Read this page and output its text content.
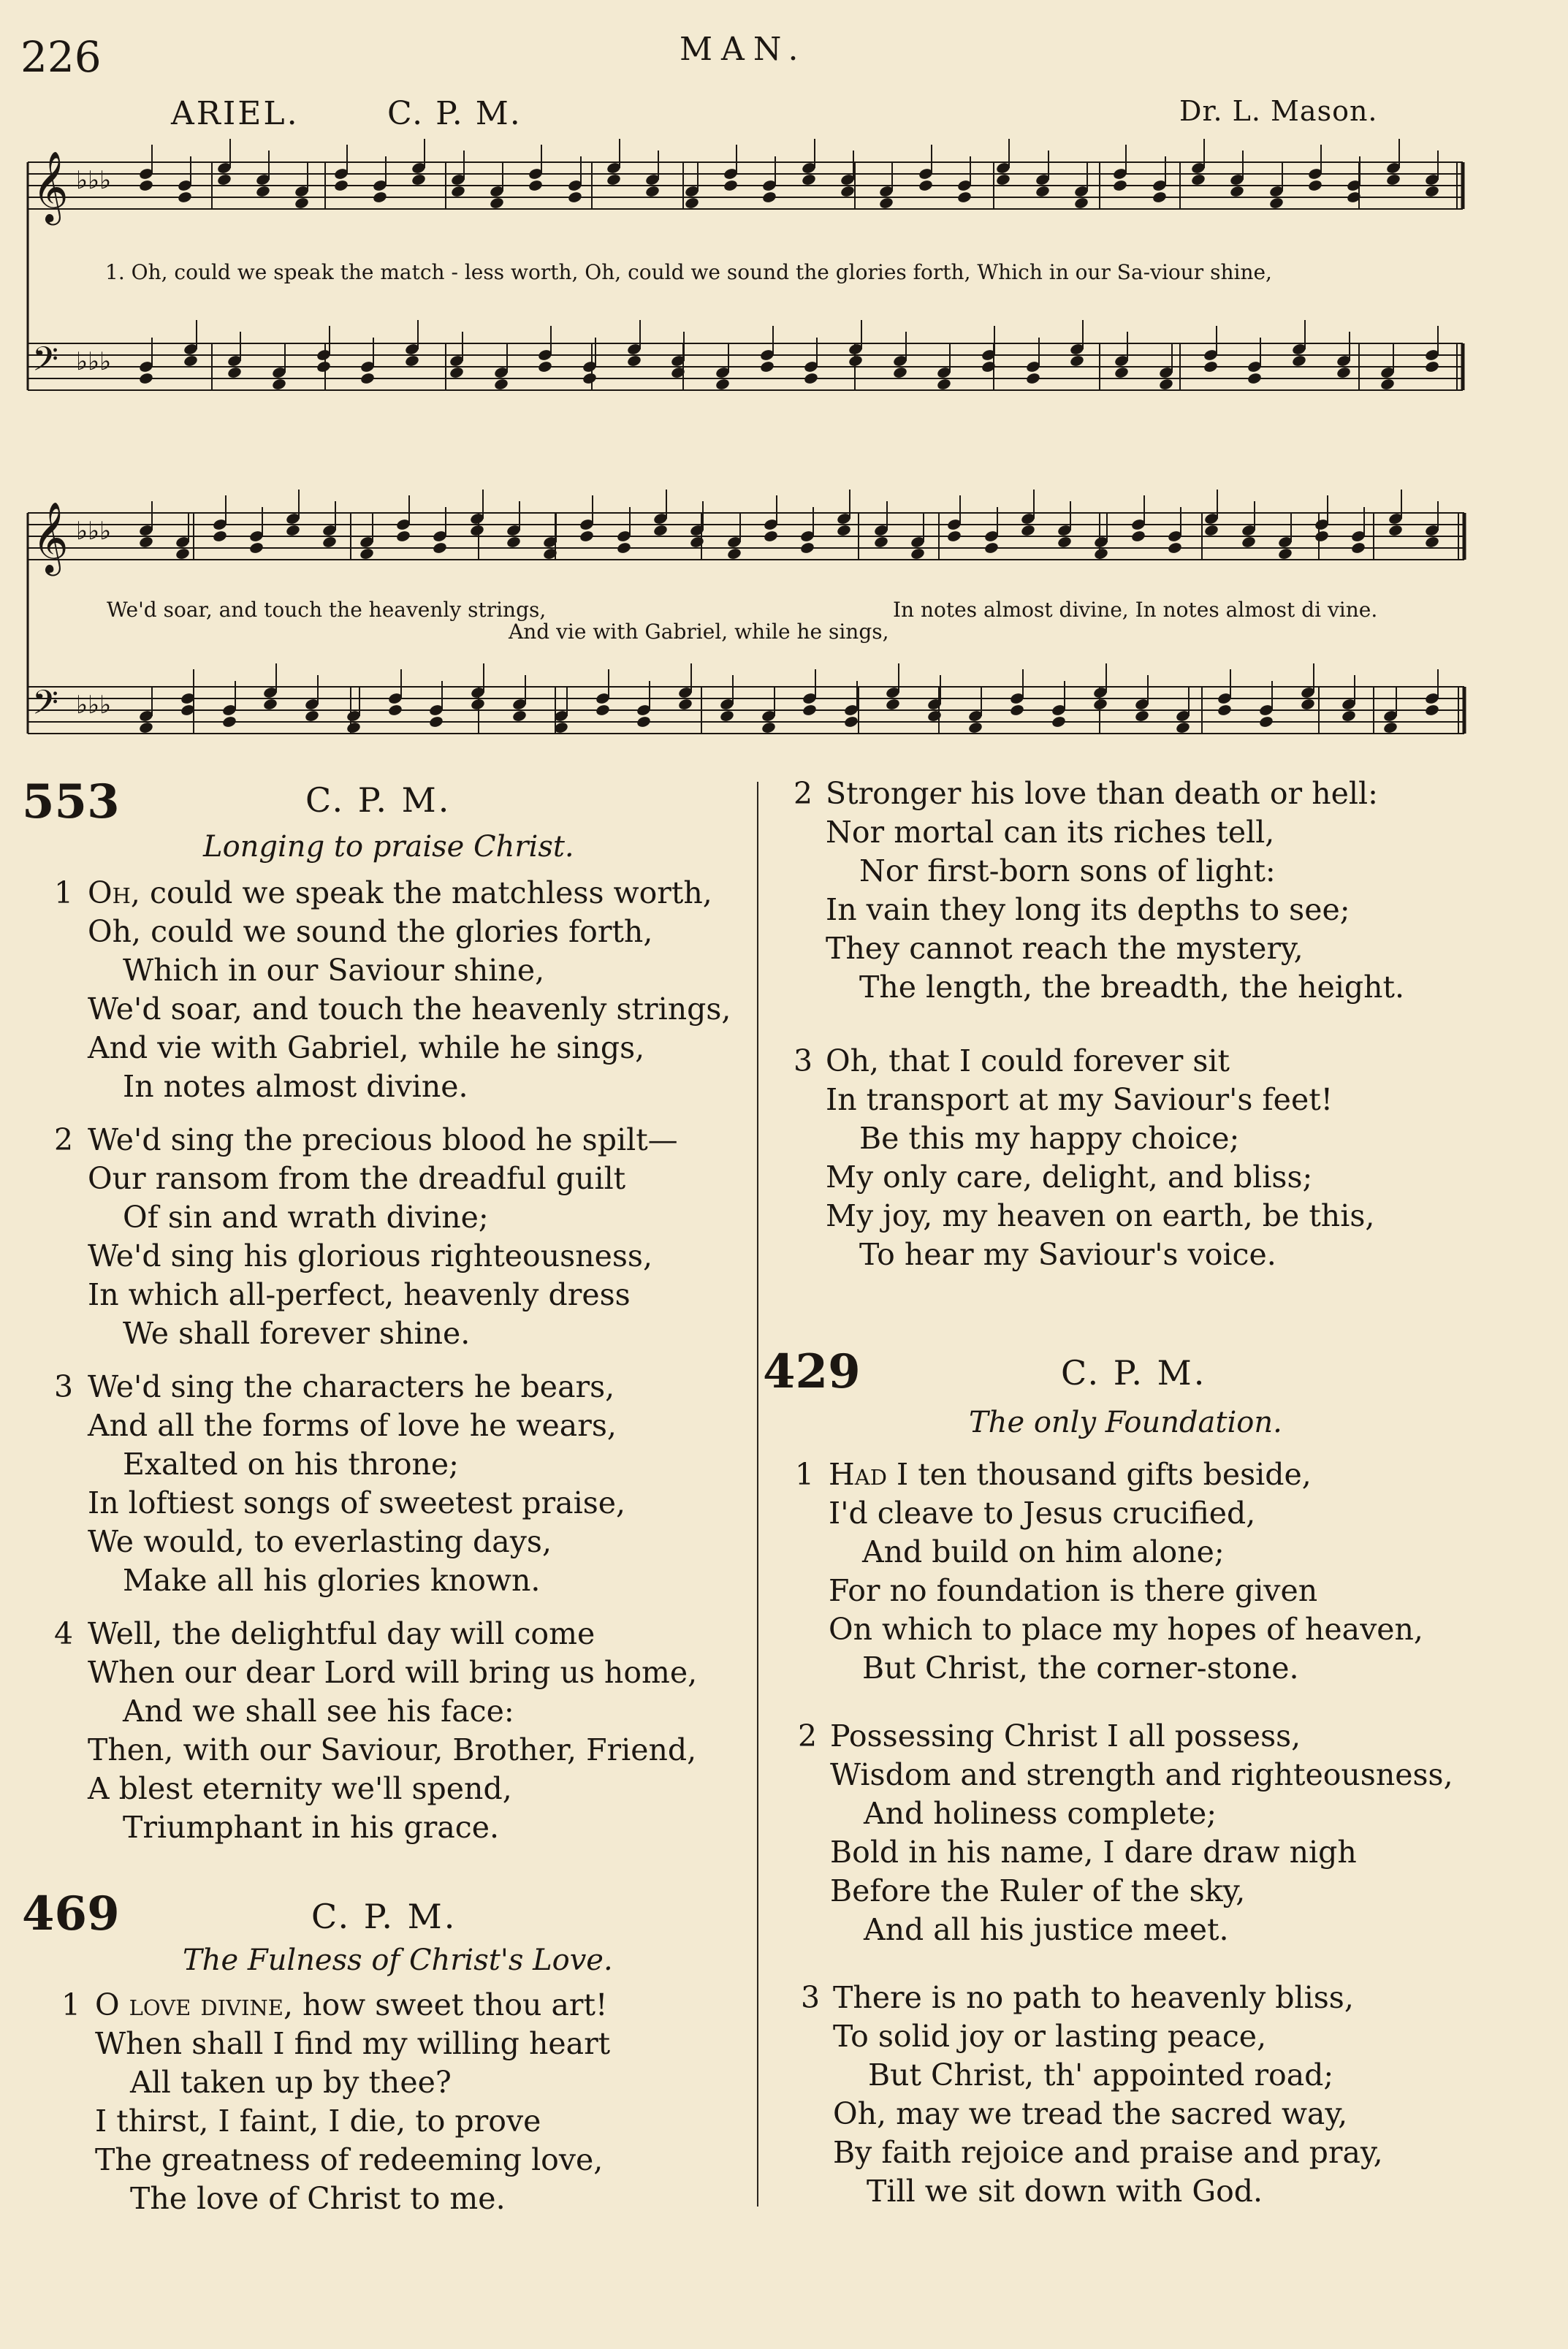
226	MAN.
ARIEL.	C. P. M.	Dr. L. Mason.
𝄞 ♭♭♭
𝄢 ♭♭♭
𝄞 ♭♭♭
𝄢 ♭♭♭
1. Oh, could we speak the match - less worth, Oh, could we sound the glories forth, Which in our Sa-viour shine,
We'd soar, and touch the heavenly strings,
And vie with Gabriel, while he sings,
In notes almost divine, In notes almost di vine.
553	C. P. M.
Longing to praise Christ.
1 Oh, could we speak the matchless worth,
Oh, could we sound the glories forth,
Which in our Saviour shine,
We'd soar, and touch the heavenly strings,
And vie with Gabriel, while he sings,
In notes almost divine.
2 We'd sing the precious blood he spilt—
Our ransom from the dreadful guilt
Of sin and wrath divine;
We'd sing his glorious righteousness,
In which all-perfect, heavenly dress
We shall forever shine.
3 We'd sing the characters he bears,
And all the forms of love he wears,
Exalted on his throne;
In loftiest songs of sweetest praise,
We would, to everlasting days,
Make all his glories known.
4 Well, the delightful day will come
When our dear Lord will bring us home,
And we shall see his face:
Then, with our Saviour, Brother, Friend,
A blest eternity we'll spend,
Triumphant in his grace.
469	C. P. M.
The Fulness of Christ's Love.
1 O love divine, how sweet thou art!
When shall I find my willing heart
All taken up by thee?
I thirst, I faint, I die, to prove
The greatness of redeeming love,
The love of Christ to me.
2 Stronger his love than death or hell:
Nor mortal can its riches tell,
Nor first-born sons of light:
In vain they long its depths to see;
They cannot reach the mystery,
The length, the breadth, the height.
3 Oh, that I could forever sit
In transport at my Saviour's feet!
Be this my happy choice;
My only care, delight, and bliss;
My joy, my heaven on earth, be this,
To hear my Saviour's voice.
429	C. P. M.
The only Foundation.
1 Had I ten thousand gifts beside,
I'd cleave to Jesus crucified,
And build on him alone;
For no foundation is there given
On which to place my hopes of heaven,
But Christ, the corner-stone.
2 Possessing Christ I all possess,
Wisdom and strength and righteousness,
And holiness complete;
Bold in his name, I dare draw nigh
Before the Ruler of the sky,
And all his justice meet.
3 There is no path to heavenly bliss,
To solid joy or lasting peace,
But Christ, th' appointed road;
Oh, may we tread the sacred way,
By faith rejoice and praise and pray,
Till we sit down with God.
